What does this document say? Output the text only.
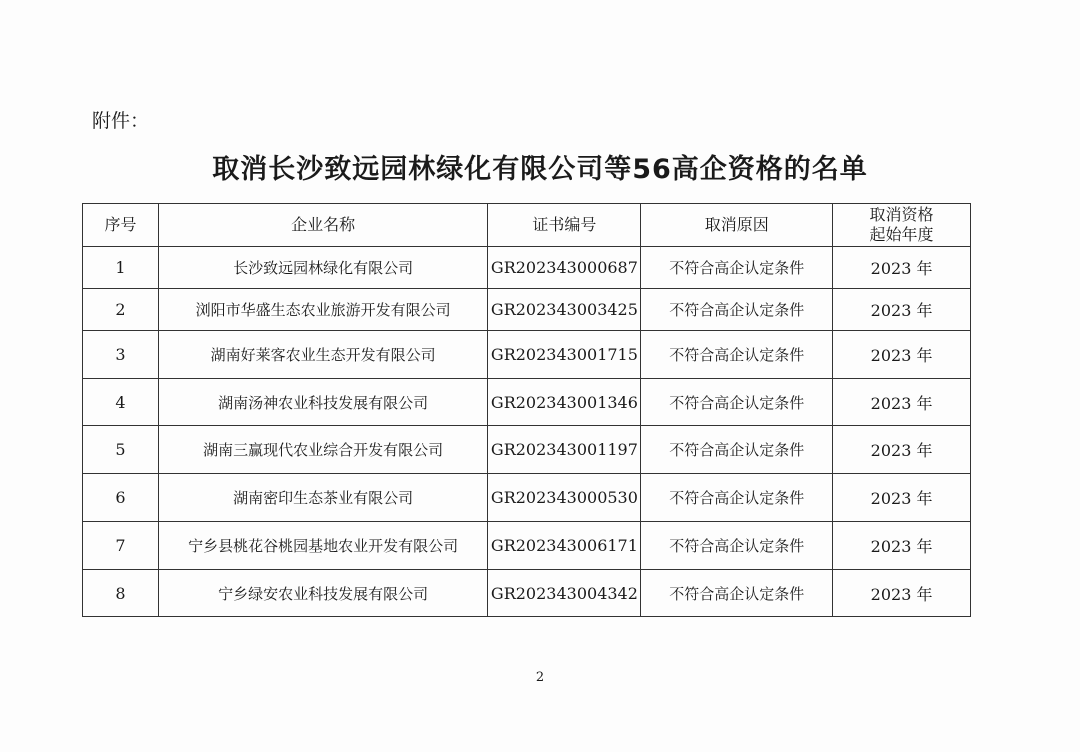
附件：
取消长沙致远园林绿化有限公司等56高企资格的名单
序号	企业名称	证书编号	取消原因	取消资格
起始年度
1	长沙致远园林绿化有限公司	GR202343000687	不符合高企认定条件	2023 年
2	浏阳市华盛生态农业旅游开发有限公司	GR202343003425	不符合高企认定条件	2023 年
3	湖南好莱客农业生态开发有限公司	GR202343001715	不符合高企认定条件	2023 年
4	湖南汤神农业科技发展有限公司	GR202343001346	不符合高企认定条件	2023 年
5	湖南三赢现代农业综合开发有限公司	GR202343001197	不符合高企认定条件	2023 年
6	湖南密印生态茶业有限公司	GR202343000530	不符合高企认定条件	2023 年
7	宁乡县桃花谷桃园基地农业开发有限公司	GR202343006171	不符合高企认定条件	2023 年
8	宁乡绿安农业科技发展有限公司	GR202343004342	不符合高企认定条件	2023 年
2
